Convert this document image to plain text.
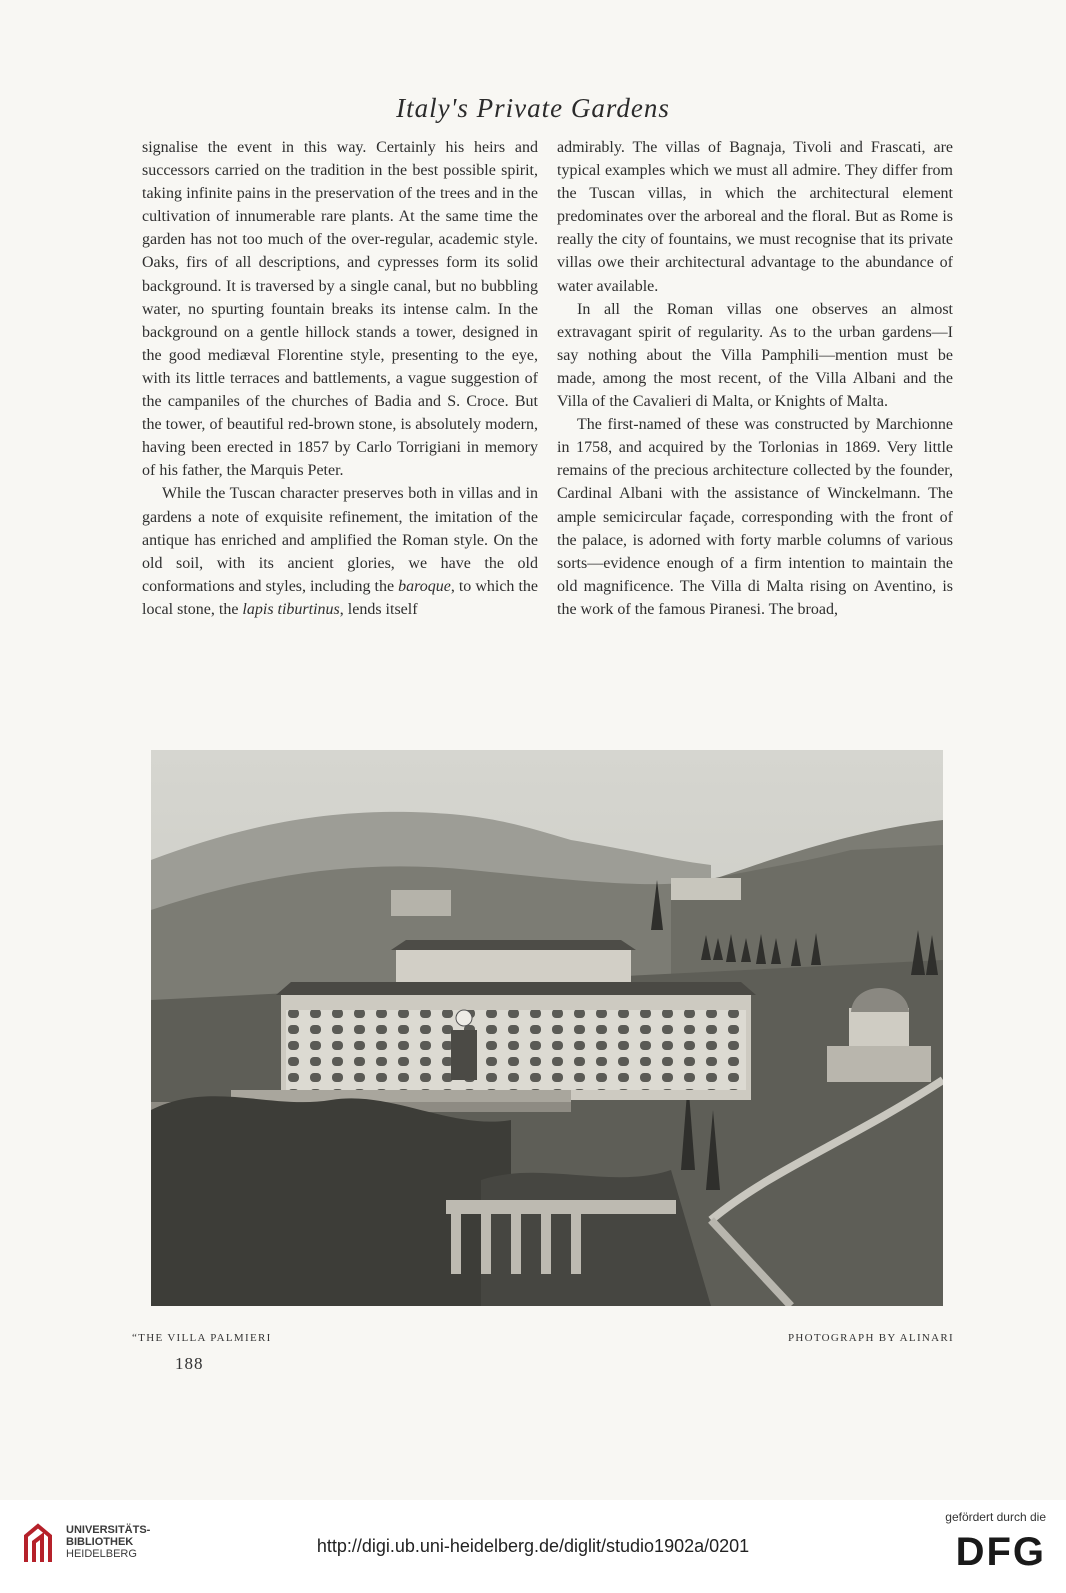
Italy's Private Gardens

signalise the event in this way. Certainly his heirs and successors carried on the tradition in the best possible spirit, taking infinite pains in the preservation of the trees and in the cultivation of innumerable rare plants. At the same time the garden has not too much of the over-regular, academic style. Oaks, firs of all descriptions, and cypresses form its solid background. It is traversed by a single canal, but no bubbling water, no spurting fountain breaks its intense calm. In the background on a gentle hillock stands a tower, designed in the good mediæval Florentine style, presenting to the eye, with its little terraces and battlements, a vague suggestion of the campaniles of the churches of Badia and S. Croce. But the tower, of beautiful red-brown stone, is absolutely modern, having been erected in 1857 by Carlo Torrigiani in memory of his father, the Marquis Peter.

While the Tuscan character preserves both in villas and in gardens a note of exquisite refinement, the imitation of the antique has enriched and amplified the Roman style. On the old soil, with its ancient glories, we have the old conformations and styles, including the baroque, to which the local stone, the lapis tiburtinus, lends itself

admirably. The villas of Bagnaja, Tivoli and Frascati, are typical examples which we must all admire. They differ from the Tuscan villas, in which the architectural element predominates over the arboreal and the floral. But as Rome is really the city of fountains, we must recognise that its private villas owe their architectural advantage to the abundance of water available.

In all the Roman villas one observes an almost extravagant spirit of regularity. As to the urban gardens—I say nothing about the Villa Pamphili—mention must be made, among the most recent, of the Villa Albani and the Villa of the Cavalieri di Malta, or Knights of Malta.

The first-named of these was constructed by Marchionne in 1758, and acquired by the Torlonias in 1869. Very little remains of the precious architecture collected by the founder, Cardinal Albani with the assistance of Winckelmann. The ample semicircular façade, corresponding with the front of the palace, is adorned with forty marble columns of various sorts—evidence enough of a firm intention to maintain the old magnificence. The Villa di Malta rising on Aventino, is the work of the famous Piranesi. The broad,

“THE VILLA PALMIERI	PHOTOGRAPH BY ALINARI
188
UNIVERSITÄTS-
BIBLIOTHEK
HEIDELBERG	http://digi.ub.uni-heidelberg.de/diglit/studio1902a/0201
gefördert durch die
DFG
